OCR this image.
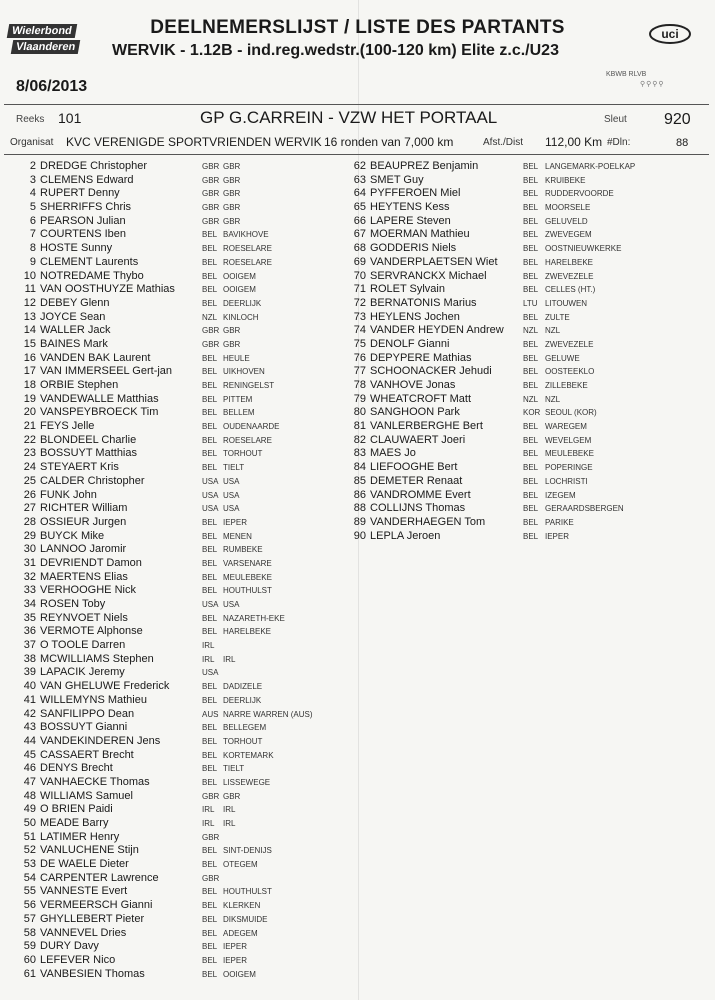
Wielerbond
Vlaanderen
DEELNEMERSLIJST / LISTE DES PARTANTS
WERVIK - 1.12B - ind.reg.wedstr.(100-120 km) Elite z.c./U23
uci
KBWB RLVB
⚲⚲⚲⚲
8/06/2013
Reeks 101	GP G.CARREIN - VZW HET PORTAAL	Sleut 920
Organisat KVC VERENIGDE SPORTVRIENDEN WERVIK 16 ronden van 7,000 km	Afst./Dist 112,00 Km #Dln:	88
2 DREDGE Christopher	GBR GBR
3 CLEMENS Edward	GBR GBR
4 RUPERT Denny	GBR GBR
5 SHERRIFFS Chris	GBR GBR
6 PEARSON Julian	GBR GBR
7 COURTENS Iben	BEL BAVIKHOVE
8 HOSTE Sunny	BEL ROESELARE
9 CLEMENT Laurents	BEL ROESELARE
10 NOTREDAME Thybo	BEL OOIGEM
11 VAN OOSTHUYZE Mathias	BEL OOIGEM
12 DEBEY Glenn	BEL DEERLIJK
13 JOYCE Sean	NZL KINLOCH
14 WALLER Jack	GBR GBR
15 BAINES Mark	GBR GBR
16 VANDEN BAK Laurent	BEL HEULE
17 VAN IMMERSEEL Gert-jan	BEL UIKHOVEN
18 ORBIE Stephen	BEL RENINGELST
19 VANDEWALLE Matthias	BEL PITTEM
20 VANSPEYBROECK Tim	BEL BELLEM
21 FEYS Jelle	BEL OUDENAARDE
22 BLONDEEL Charlie	BEL ROESELARE
23 BOSSUYT Matthias	BEL TORHOUT
24 STEYAERT Kris	BEL TIELT
25 CALDER Christopher	USA USA
26 FUNK John	USA USA
27 RICHTER William	USA USA
28 OSSIEUR Jurgen	BEL IEPER
29 BUYCK Mike	BEL MENEN
30 LANNOO Jaromir	BEL RUMBEKE
31 DEVRIENDT Damon	BEL VARSENARE
32 MAERTENS Elias	BEL MEULEBEKE
33 VERHOOGHE Nick	BEL HOUTHULST
34 ROSEN Toby	USA USA
35 REYNVOET Niels	BEL NAZARETH-EKE
36 VERMOTE Alphonse	BEL HARELBEKE
37 O TOOLE Darren	IRL
38 MCWILLIAMS Stephen	IRL IRL
39 LAPACIK Jeremy	USA
40 VAN GHELUWE Frederick	BEL DADIZELE
41 WILLEMYNS Mathieu	BEL DEERLIJK
42 SANFILIPPO Dean	AUS NARRE WARREN (AUS)
43 BOSSUYT Gianni	BEL BELLEGEM
44 VANDEKINDEREN Jens	BEL TORHOUT
45 CASSAERT Brecht	BEL KORTEMARK
46 DENYS Brecht	BEL TIELT
47 VANHAECKE Thomas	BEL LISSEWEGE
48 WILLIAMS Samuel	GBR GBR
49 O BRIEN Paidi	IRL IRL
50 MEADE Barry	IRL IRL
51 LATIMER Henry	GBR
52 VANLUCHENE Stijn	BEL SINT-DENIJS
53 DE WAELE Dieter	BEL OTEGEM
54 CARPENTER Lawrence	GBR
55 VANNESTE Evert	BEL HOUTHULST
56 VERMEERSCH Gianni	BEL KLERKEN
57 GHYLLEBERT Pieter	BEL DIKSMUIDE
58 VANNEVEL Dries	BEL ADEGEM
59 DURY Davy	BEL IEPER
60 LEFEVER Nico	BEL IEPER
61 VANBESIEN Thomas	BEL OOIGEM
62 BEAUPREZ Benjamin	BEL LANGEMARK-POELKAP
63 SMET Guy	BEL KRUIBEKE
64 PYFFEROEN Miel	BEL RUDDERVOORDE
65 HEYTENS Kess	BEL MOORSELE
66 LAPERE Steven	BEL GELUVELD
67 MOERMAN Mathieu	BEL ZWEVEGEM
68 GODDERIS Niels	BEL OOSTNIEUWKERKE
69 VANDERPLAETSEN Wiet	BEL HARELBEKE
70 SERVRANCKX Michael	BEL ZWEVEZELE
71 ROLET Sylvain	BEL CELLES (HT.)
72 BERNATONIS Marius	LTU LITOUWEN
73 HEYLENS Jochen	BEL ZULTE
74 VANDER HEYDEN Andrew	NZL NZL
75 DENOLF Gianni	BEL ZWEVEZELE
76 DEPYPERE Mathias	BEL GELUWE
77 SCHOONACKER Jehudi	BEL OOSTEEKLO
78 VANHOVE Jonas	BEL ZILLEBEKE
79 WHEATCROFT Matt	NZL NZL
80 SANGHOON Park	KOR SEOUL (KOR)
81 VANLERBERGHE Bert	BEL WAREGEM
82 CLAUWAERT Joeri	BEL WEVELGEM
83 MAES Jo	BEL MEULEBEKE
84 LIEFOOGHE Bert	BEL POPERINGE
85 DEMETER Renaat	BEL LOCHRISTI
86 VANDROMME Evert	BEL IZEGEM
88 COLLIJNS Thomas	BEL GERAARDSBERGEN
89 VANDERHAEGEN Tom	BEL PARIKE
90 LEPLA Jeroen	BEL IEPER
